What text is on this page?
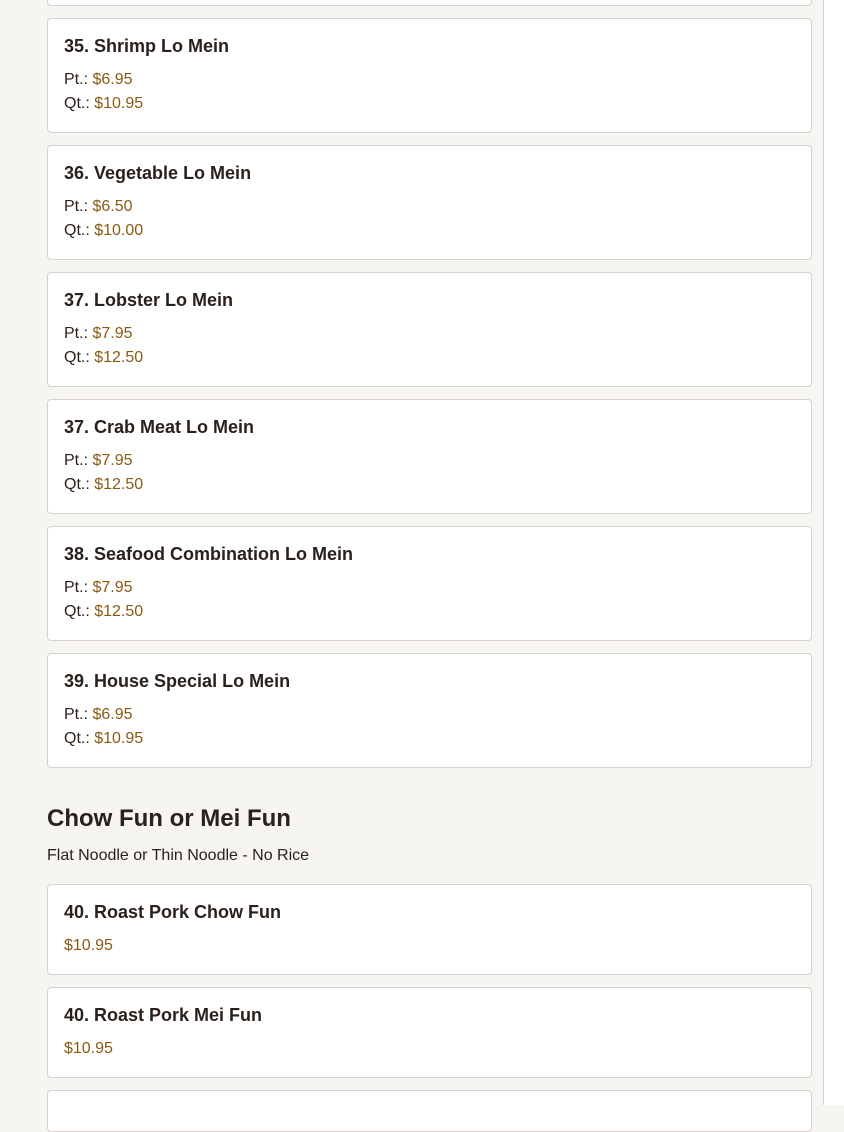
35. Shrimp Lo Mein
Pt.: $6.95
Qt.: $10.95
36. Vegetable Lo Mein
Pt.: $6.50
Qt.: $10.00
37. Lobster Lo Mein
Pt.: $7.95
Qt.: $12.50
37. Crab Meat Lo Mein
Pt.: $7.95
Qt.: $12.50
38. Seafood Combination Lo Mein
Pt.: $7.95
Qt.: $12.50
39. House Special Lo Mein
Pt.: $6.95
Qt.: $10.95
Chow Fun or Mei Fun
Flat Noodle or Thin Noodle - No Rice
40. Roast Pork Chow Fun
$10.95
40. Roast Pork Mei Fun
$10.95
